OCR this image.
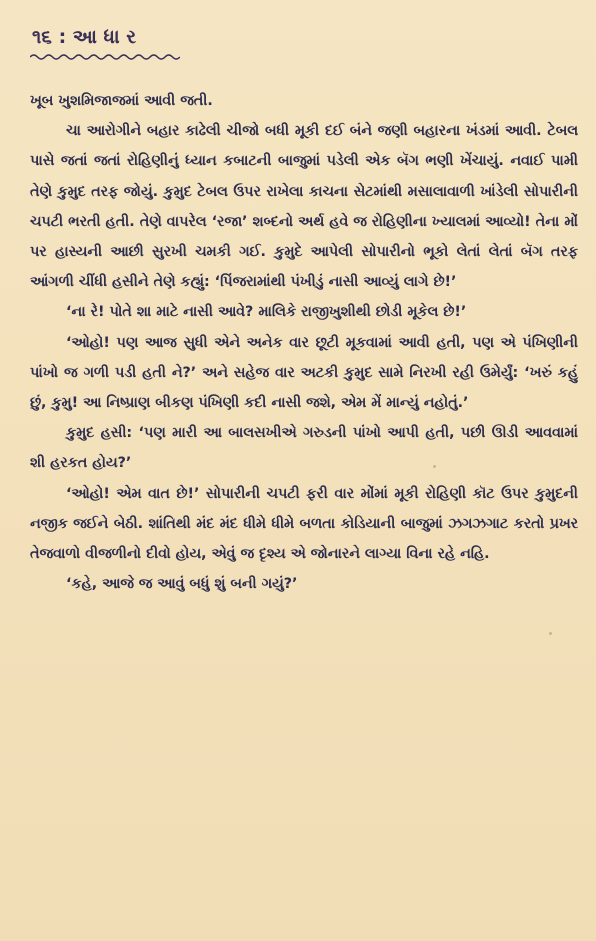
૧૬ : આ ધા ર

ખૂબ ખુશમિજાજમાં આવી જતી.

ચા આરોગીને બહાર કાઢેલી ચીજો બધી મૂકી દઈ બંને જણી બહારના ખંડમાં આવી. ટેબલ પાસે જતાં જતાં રોહિણીનું ધ્યાન કબાટની બાજુમાં પડેલી એક બૅગ ભણી ખેંચાયું. નવાઈ પામી તેણે કુમુદ તરફ જોયું. કુમુદ ટેબલ ઉપર રાખેલા કાચના સેટમાંથી મસાલાવાળી ખાંડેલી સોપારીની ચપટી ભરતી હતી. તેણે વાપરેલ ‘રજા’ શબ્દનો અર્થ હવે જ રોહિણીના ખ્યાલમાં આવ્યો! તેના મોં પર હાસ્યની આછી સુરખી ચમકી ગઈ. કુમુદે આપેલી સોપારીનો ભૂકો લેતાં લેતાં બૅગ તરફ આંગળી ચીંધી હસીને તેણે કહ્યું: ‘પિંજરામાંથી પંખીડું નાસી આવ્યું લાગે છે!’

‘ના રે! પોતે શા માટે નાસી આવે? માલિકે રાજીખુશીથી છોડી મૂકેલ છે!’

‘ઓહો! પણ આજ સુધી એને અનેક વાર છૂટી મૂકવામાં આવી હતી, પણ એ પંખિણીની પાંખો જ ગળી પડી હતી ને?’ અને સહેજ વાર અટકી કુમુદ સામે નિરખી રહી ઉમેર્યું: ‘ખરું કહું છું, કુમુ! આ નિષ્પ્રાણ બીકણ પંખિણી કદી નાસી જશે, એમ મેં માન્યું નહોતું.’

કુમુદ હસી: ‘પણ મારી આ બાલસખીએ ગરુડની પાંખો આપી હતી, પછી ઊડી આવવામાં શી હરકત હોય?’

‘ઓહો! એમ વાત છે!’ સોપારીની ચપટી ફરી વાર મોંમાં મૂકી રોહિણી કૉટ ઉપર કુમુદની નજીક જઈને બેઠી. શાંતિથી મંદ મંદ ધીમે ધીમે બળતા કોડિયાની બાજુમાં ઝગઝગાટ કરતો પ્રખર તેજવાળો વીજળીનો દીવો હોય, એવું જ દૃશ્ય એ જોનારને લાગ્યા વિના રહે નહિ.

‘કહે, આજે જ આવું બધું શું બની ગયું?’
